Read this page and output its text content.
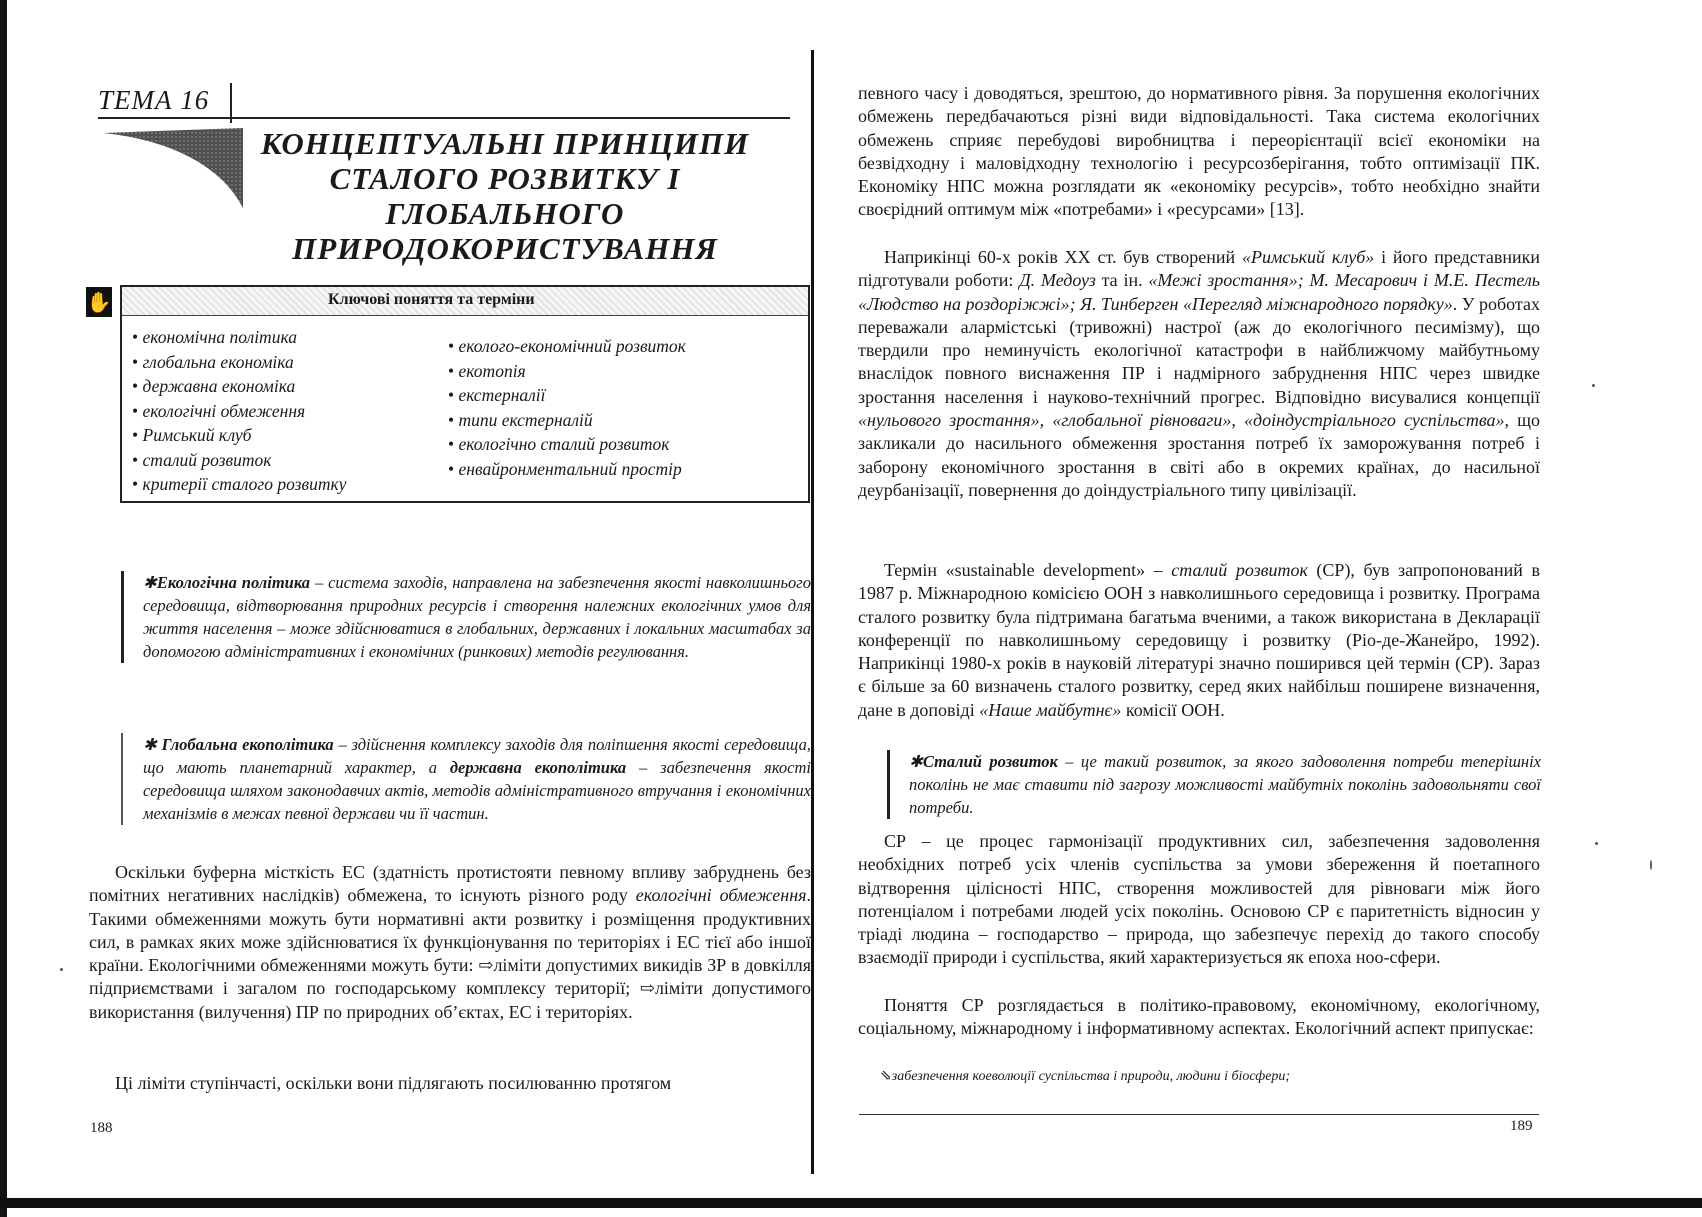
ТЕМА 16
КОНЦЕПТУАЛЬНІ ПРИНЦИПИ
СТАЛОГО РОЗВИТКУ І
ГЛОБАЛЬНОГО
ПРИРОДОКОРИСТУВАННЯ
✋	Ключові поняття та терміни
• економічна політика
• глобальна економіка
• державна економіка
• екологічні обмеження
• Римський клуб
• сталий розвиток
• критерії сталого розвитку
• еколого-економічний розвиток
• екотопія
• екстерналії
• типи екстерналій
• екологічно сталий розвиток
• енвайронментальний простір

✱Екологічна політика – система заходів, направлена на забезпечення якості навколишнього середовища, відтворювання природних ресурсів і створення належних екологічних умов для життя населення – може здійснюватися в глобальних, державних і локальних масштабах за допомогою адміністративних і економічних (ринкових) методів регулювання.

✱ Глобальна екополітика – здійснення комплексу заходів для поліпшення якості середовища, що мають планетарний характер, а державна екополітика – забезпечення якості середовища шляхом законодавчих актів, методів адміністративного втручання і економічних механізмів в межах певної держави чи її частин.

Оскільки буферна місткість ЕС (здатність протистояти певному впливу забруднень без помітних негативних наслідків) обмежена, то існують різного роду екологічні обмеження. Такими обмеженнями можуть бути нормативні акти розвитку і розміщення продуктивних сил, в рамках яких може здійснюватися їх функціонування по територіях і ЕС тієї або іншої країни. Екологічними обмеженнями можуть бути: ⇨ліміти допустимих викидів ЗР в довкілля підприємствами і загалом по господарському комплексу території; ⇨ліміти допустимого використання (вилучення) ПР по природних об’єктах, ЕС і територіях.

Ці ліміти ступінчасті, оскільки вони підлягають посилюванню протягом

188

певного часу і доводяться, зрештою, до нормативного рівня. За порушення екологічних обмежень передбачаються різні види відповідальності. Така система екологічних обмежень сприяє перебудові виробництва і переорієнтації всієї економіки на безвідходну і маловідходну технологію і ресурсозберігання, тобто оптимізації ПК. Економіку НПС можна розглядати як «економіку ресурсів», тобто необхідно знайти своєрідний оптимум між «потребами» і «ресурсами» [13].

Наприкінці 60-х років ХХ ст. був створений «Римський клуб» і його представники підготували роботи: Д. Медоуз та ін. «Межі зростання»; М. Месарович і М.Е. Пестель «Людство на роздоріжжі»; Я. Тинберген «Перегляд міжнародного порядку». У роботах переважали алармістські (тривожні) настрої (аж до екологічного песимізму), що твердили про неминучість екологічної катастрофи в найближчому майбутньому внаслідок повного виснаження ПР і надмірного забруднення НПС через швидке зростання населення і науково-технічний прогрес. Відповідно висувалися концепції «нульового зростання», «глобальної рівноваги», «доіндустріального суспільства», що закликали до насильного обмеження зростання потреб їх заморожування потреб і заборону економічного зростання в світі або в окремих країнах, до насильної деурбанізації, повернення до доіндустріального типу цивілізації.

Термін «sustainable development» – сталий розвиток (СР), був запропонований в 1987 р. Міжнародною комісією ООН з навколишнього середовища і розвитку. Програма сталого розвитку була підтримана багатьма вченими, а також використана в Декларації конференції по навколишньому середовищу і розвитку (Ріо-де-Жанейро, 1992). Наприкінці 1980-х років в науковій літературі значно поширився цей термін (СР). Зараз є більше за 60 визначень сталого розвитку, серед яких найбільш поширене визначення, дане в доповіді «Наше майбутнє» комісії ООН.

✱Сталий розвиток – це такий розвиток, за якого задоволення потреби теперішніх поколінь не має ставити під загрозу можливості майбутніх поколінь задовольняти свої потреби.

СР – це процес гармонізації продуктивних сил, забезпечення задоволення необхідних потреб усіх членів суспільства за умови збереження й поетапного відтворення цілісності НПС, створення можливостей для рівноваги між його потенціалом і потребами людей усіх поколінь. Основою СР є паритетність відносин у тріаді людина – господарство – природа, що забезпечує перехід до такого способу взаємодії природи і суспільства, який характеризується як епоха ноо-сфери.

Поняття СР розглядається в політико-правовому, економічному, екологічному, соціальному, міжнародному і інформативному аспектах. Екологічний аспект припускає:

⇘забезпечення коеволюції суспільства і природи, людини і біосфери;
189
